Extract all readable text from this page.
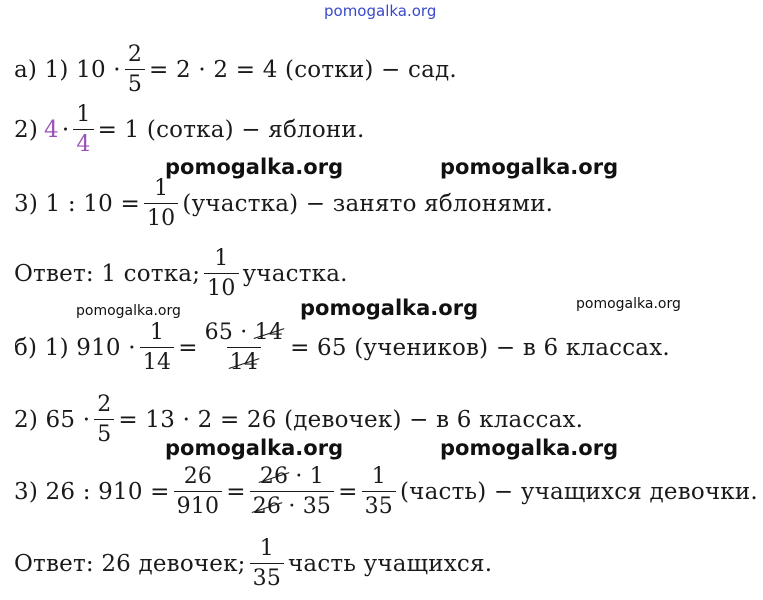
pomogalka.org
а) 1) $10 \cdot \frac{2}{5} = 2 \cdot 2 = 4$ (сотки) − сад.
2) $4 \cdot \frac{1}{4} = 1$ (сотка) − яблони.
3) 1 : $10 = \frac{1}{10}$ (участка) − занято яблонями.
Ответ: 1 сотка; $\frac{1}{10}$ участка.
б) 1) $910 \cdot \frac{1}{14} = \frac{65 \cdot 14}{14} = 65$ (учеников) − в 6 классах.
2) $65 \cdot \frac{2}{5} = 13 \cdot 2 = 26$ (девочек) − в 6 классах.
3) 26 : $910 = \frac{26}{910} = \frac{26 \cdot 1}{26 \cdot 35} = \frac{1}{35}$ (часть) − учащихся девочки.
Ответ: 26 девочек; $\frac{1}{35}$ часть учащихся.
pomogalka.org	pomogalka.org
pomogalka.org	pomogalka.org	pomogalka.org
pomogalka.org	pomogalka.org
